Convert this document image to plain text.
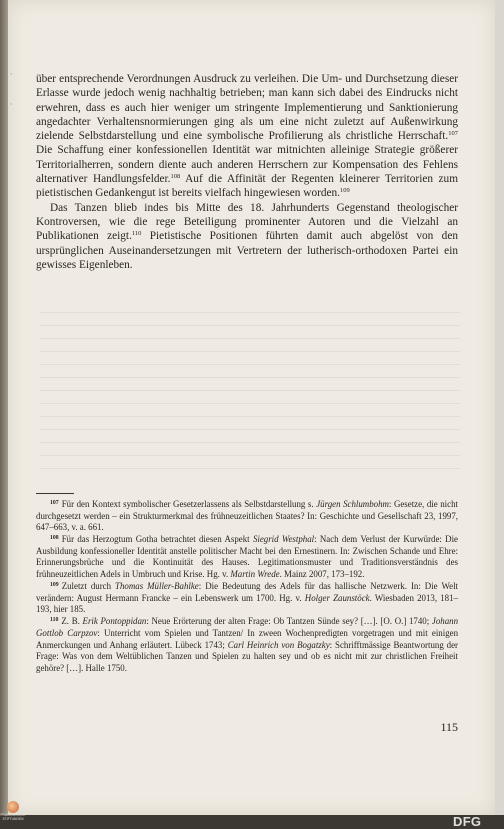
·
·

über entsprechende Verordnungen Ausdruck zu verleihen. Die Um- und Durchsetzung dieser Erlasse wurde jedoch wenig nachhaltig betrieben; man kann sich dabei des Eindrucks nicht erwehren, dass es auch hier weniger um stringente Implementierung und Sanktionierung angedachter Verhaltensnormierungen ging als um eine nicht zuletzt auf Außenwirkung zielende Selbstdarstellung und eine symbolische Profilierung als christliche Herrschaft.$^{107}$ Die Schaffung einer konfessionellen Identität war mitnichten alleinige Strategie größerer Territorialherren, sondern diente auch anderen Herrschern zur Kompensation des Fehlens alternativer Handlungsfelder.$^{108}$ Auf die Affinität der Regenten kleinerer Territorien zum pietistischen Gedankengut ist bereits vielfach hingewiesen worden.$^{109}$

Das Tanzen blieb indes bis Mitte des 18. Jahrhunderts Gegenstand theologischer Kontroversen, wie die rege Beteiligung prominenter Autoren und die Vielzahl an Publikationen zeigt.$^{110}$ Pietistische Positionen führten damit auch abgelöst von den ursprünglichen Auseinandersetzungen mit Vertretern der lutherisch-orthodoxen Partei ein gewisses Eigenleben.

$^{107}$ Für den Kontext symbolischer Gesetzerlassens als Selbstdarstellung s. Jürgen Schlumbohm: Gesetze, die nicht durchgesetzt werden – ein Strukturmerkmal des frühneuzeitlichen Staates? In: Geschichte und Gesellschaft 23, 1997, 647–663, v. a. 661.

$^{108}$ Für das Herzogtum Gotha betrachtet diesen Aspekt Siegrid Westphal: Nach dem Verlust der Kurwürde: Die Ausbildung konfessioneller Identität anstelle politischer Macht bei den Ernestinern. In: Zwischen Schande und Ehre: Erinnerungsbrüche und die Kontinuität des Hauses. Legitimationsmuster und Traditionsverständnis des frühneuzeitlichen Adels in Umbruch und Krise. Hg. v. Martin Wrede. Mainz 2007, 173–192.

$^{109}$ Zuletzt durch Thomas Müller-Bahlke: Die Bedeutung des Adels für das hallische Netzwerk. In: Die Welt verändern: August Hermann Francke – ein Lebenswerk um 1700. Hg. v. Holger Zaunstöck. Wiesbaden 2013, 181–193, hier 185.

$^{110}$ Z. B. Erik Pontoppidan: Neue Erörterung der alten Frage: Ob Tantzen Sünde sey? […]. [O. O.] 1740; Johann Gottlob Carpzov: Unterricht vom Spielen und Tantzen/ In zween Wochenpredigten vorgetragen und mit einigen Anmerckungen und Anhang erläutert. Lübeck 1743; Carl Heinrich von Bogatzky: Schrifftmässige Beantwortung der Frage: Was von dem Weltüblichen Tanzen und Spielen zu halten sey und ob es nicht mit zur christlichen Freiheit gehöre? […]. Halle 1750.

115
FRANCKESCHE STIFTUNGEN	DFG
